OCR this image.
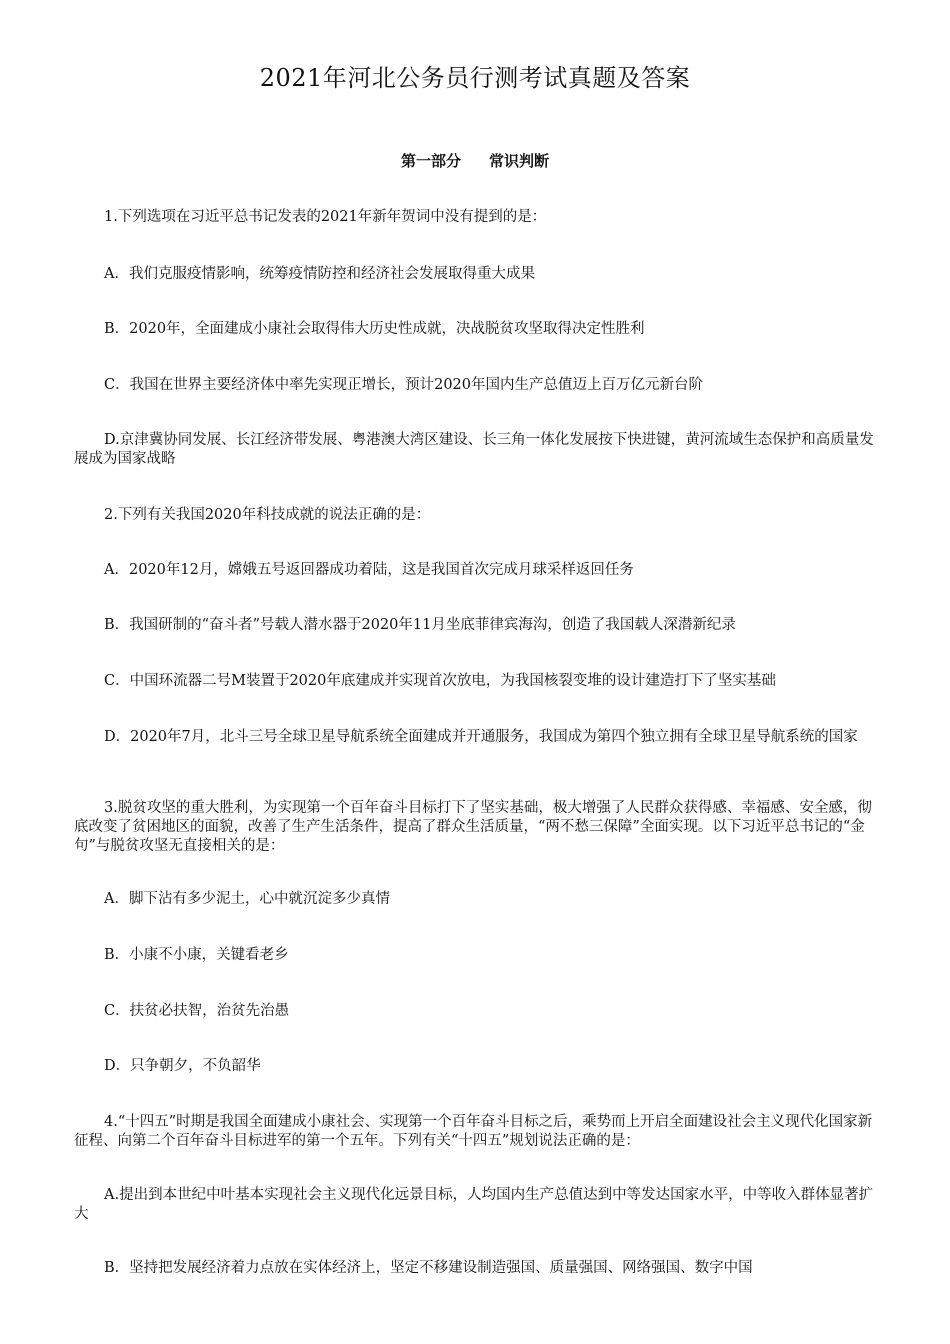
2021年河北公务员行测考试真题及答案
第一部分 常识判断
1.下列选项在习近平总书记发表的2021年新年贺词中没有提到的是：
A．我们克服疫情影响，统筹疫情防控和经济社会发展取得重大成果
B．2020年，全面建成小康社会取得伟大历史性成就，决战脱贫攻坚取得决定性胜利
C．我国在世界主要经济体中率先实现正增长，预计2020年国内生产总值迈上百万亿元新台阶
D.京津冀协同发展、长江经济带发展、粤港澳大湾区建设、长三角一体化发展按下快进键，黄河流域生态保护和高质量发展成为国家战略
2.下列有关我国2020年科技成就的说法正确的是：
A．2020年12月，嫦娥五号返回器成功着陆，这是我国首次完成月球采样返回任务
B．我国研制的“奋斗者”号载人潜水器于2020年11月坐底菲律宾海沟，创造了我国载人深潜新纪录
C．中国环流器二号M装置于2020年底建成并实现首次放电，为我国核裂变堆的设计建造打下了坚实基础
D．2020年7月，北斗三号全球卫星导航系统全面建成并开通服务，我国成为第四个独立拥有全球卫星导航系统的国家
3.脱贫攻坚的重大胜利，为实现第一个百年奋斗目标打下了坚实基础，极大增强了人民群众获得感、幸福感、安全感，彻底改变了贫困地区的面貌，改善了生产生活条件，提高了群众生活质量，“两不愁三保障”全面实现。以下习近平总书记的“金句”与脱贫攻坚无直接相关的是：
A．脚下沾有多少泥土，心中就沉淀多少真情
B．小康不小康，关键看老乡
C．扶贫必扶智，治贫先治愚
D．只争朝夕，不负韶华
4.“十四五”时期是我国全面建成小康社会、实现第一个百年奋斗目标之后，乘势而上开启全面建设社会主义现代化国家新征程、向第二个百年奋斗目标进军的第一个五年。下列有关“十四五”规划说法正确的是：
A.提出到本世纪中叶基本实现社会主义现代化远景目标，人均国内生产总值达到中等发达国家水平，中等收入群体显著扩大
B．坚持把发展经济着力点放在实体经济上，坚定不移建设制造强国、质量强国、网络强国、数字中国
